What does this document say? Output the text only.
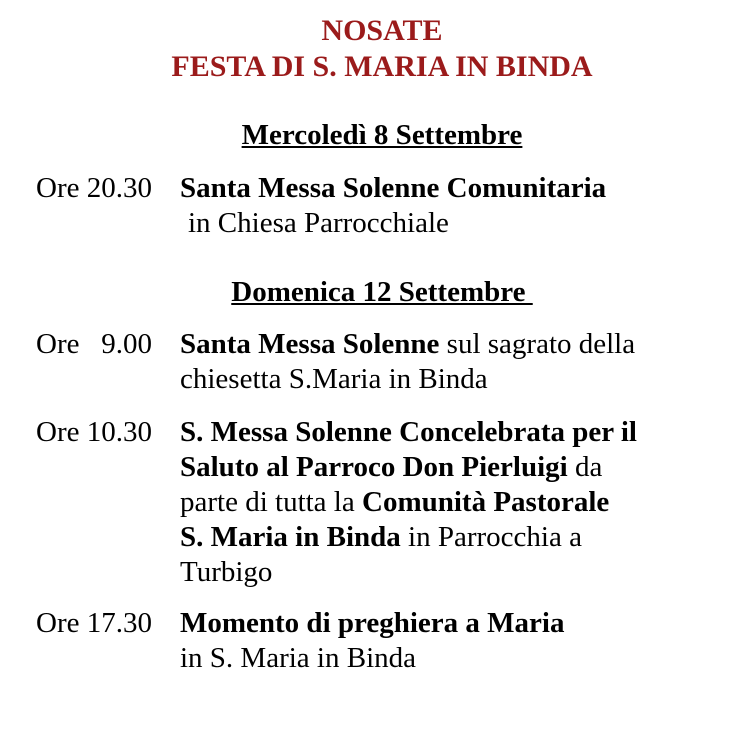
NOSATE
FESTA DI S. MARIA IN BINDA
Mercoledì 8 Settembre
Ore 20.30 Santa Messa Solenne Comunitaria
in Chiesa Parrocchiale
Domenica 12 Settembre
Ore   9.00 Santa Messa Solenne sul sagrato della
chiesetta S.Maria in Binda
Ore 10.30 S. Messa Solenne Concelebrata per il
Saluto al Parroco Don Pierluigi da
parte di tutta la Comunità Pastorale
S. Maria in Binda in Parrocchia a
Turbigo
Ore 17.30 Momento di preghiera a Maria
in S. Maria in Binda
